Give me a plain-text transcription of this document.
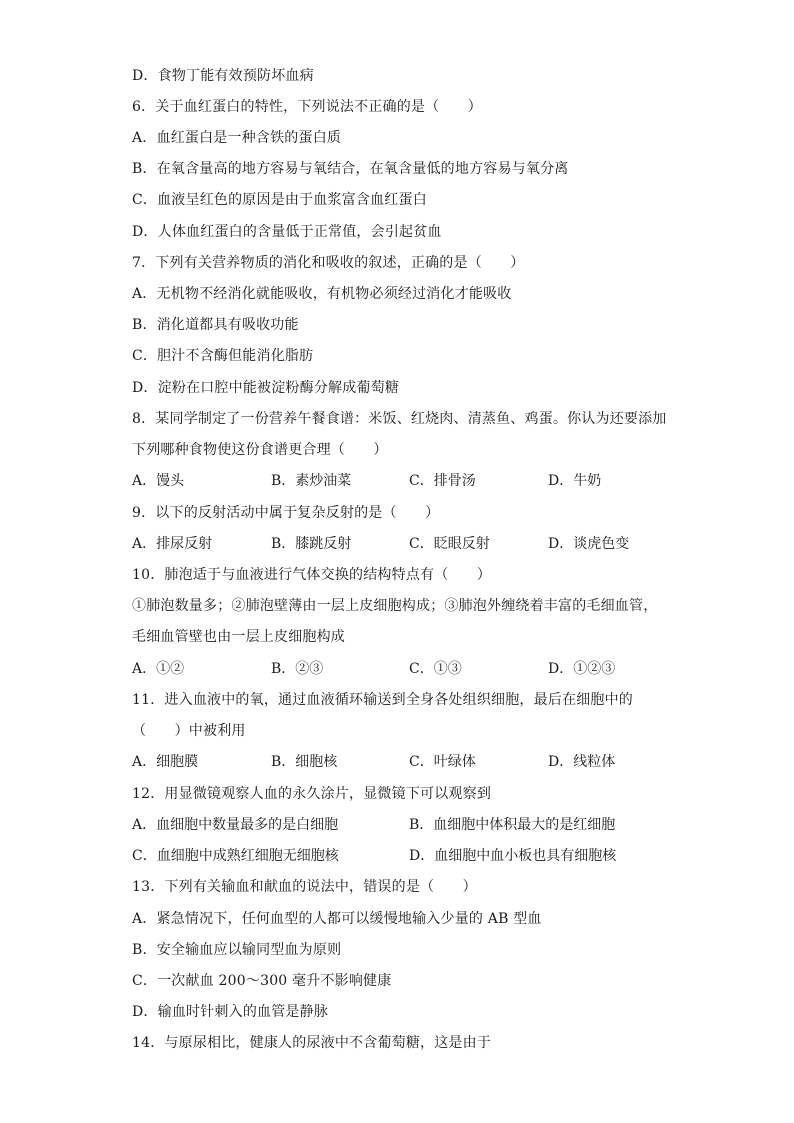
D．食物丁能有效预防坏血病
6．关于血红蛋白的特性，下列说法不正确的是（　　）
A．血红蛋白是一种含铁的蛋白质
B．在氧含量高的地方容易与氧结合，在氧含量低的地方容易与氧分离
C．血液呈红色的原因是由于血浆富含血红蛋白
D．人体血红蛋白的含量低于正常值，会引起贫血
7．下列有关营养物质的消化和吸收的叙述，正确的是（　　）
A．无机物不经消化就能吸收，有机物必须经过消化才能吸收
B．消化道都具有吸收功能
C．胆汁不含酶但能消化脂肪
D．淀粉在口腔中能被淀粉酶分解成葡萄糖
8．某同学制定了一份营养午餐食谱：米饭、红烧肉、清蒸鱼、鸡蛋。你认为还要添加
下列哪种食物使这份食谱更合理（　　）
A．馒头	B．素炒油菜	C．排骨汤	D．牛奶
9．以下的反射活动中属于复杂反射的是（　　）
A．排尿反射	B．膝跳反射	C．眨眼反射	D．谈虎色变
10．肺泡适于与血液进行气体交换的结构特点有（　　）
①肺泡数量多；②肺泡壁薄由一层上皮细胞构成；③肺泡外缠绕着丰富的毛细血管，
毛细血管壁也由一层上皮细胞构成
A．①②	B．②③	C．①③	D．①②③
11．进入血液中的氧，通过血液循环输送到全身各处组织细胞，最后在细胞中的
（　　）中被利用
A．细胞膜	B．细胞核	C．叶绿体	D．线粒体
12．用显微镜观察人血的永久涂片，显微镜下可以观察到
A．血细胞中数量最多的是白细胞	B．血细胞中体积最大的是红细胞
C．血细胞中成熟红细胞无细胞核	D．血细胞中血小板也具有细胞核
13．下列有关输血和献血的说法中，错误的是（　　）
A．紧急情况下，任何血型的人都可以缓慢地输入少量的 AB 型血
B．安全输血应以输同型血为原则
C．一次献血 200～300 毫升不影响健康
D．输血时针刺入的血管是静脉
14．与原尿相比，健康人的尿液中不含葡萄糖，这是由于
